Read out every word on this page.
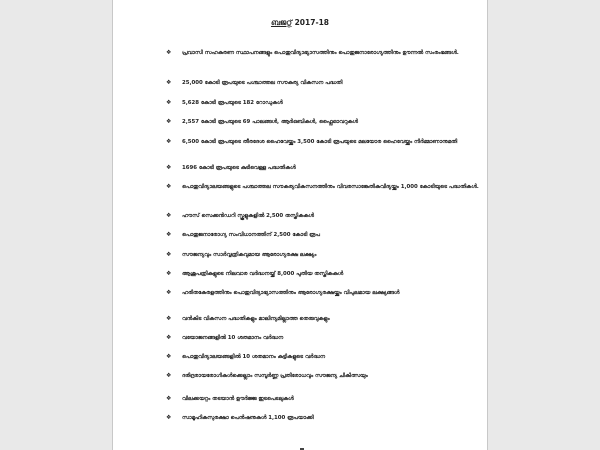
ബജറ്റ് 2017-18
❖ പ്രവാസി സഹകരണ സ്ഥാപനങ്ങളും പൊതുവിദ്യാഭ്യാസത്തിനും പൊതുജനാരോഗ്യത്തിനും ഊന്നൽ സംരംഭങ്ങൾ.
❖ 25,000 കോടി രൂപയുടെ പശ്ചാത്തല സൗകര്യ വികസന പദ്ധതി
❖ 5,628 കോടി രൂപയുടെ 182 റോഡുകൾ
❖ 2,557 കോടി രൂപയുടെ 69 പാലങ്ങൾ, ആർഒബികൾ, ഫ്ലൈഓവറുകൾ
❖ 6,500 കോടി രൂപയുടെ തീരദേശ ഹൈവേയ്ക്കും 3,500 കോടി രൂപയുടെ മലയോര ഹൈവേയ്ക്കും നിർമ്മാണാനുമതി
❖ 1696 കോടി രൂപയുടെ കുടിവെള്ള പദ്ധതികൾ
❖ പൊതുവിദ്യാലയങ്ങളുടെ പശ്ചാത്തല സൗകര്യവികസനത്തിനും വിവരസാങ്കേതികവിദ്യയ്ക്കും 1,000 കോടിയുടെ പദ്ധതികൾ.
❖ ഹൗസ് സെക്കൻഡറി സ്കൂളുകളിൽ 2,500 തസ്തികകൾ
❖ പൊതുജനാരോഗ്യ സംവിധാനത്തിന് 2,500 കോടി രൂപ
❖ സൗജന്യവും സാർവ്വത്രികവുമായ ആരോഗ്യരക്ഷ ലക്ഷ്യം
❖ ആശുപത്രികളുടെ നിലവാര വർദ്ധനയ്ക്ക് 8,000 പുതിയ തസ്തികകൾ
❖ ഹരിതകേരളത്തിനും പൊതുവിദ്യാഭ്യാസത്തിനും ആരോഗ്യരക്ഷയ്ക്കും വിപുലമായ ലക്ഷ്യങ്ങൾ
❖ വൻകിട വികസന പദ്ധതികളും മാലിന്യമില്ലാത്ത തെരുവുകളും
❖ വയോജനങ്ങളിൽ 10 ശതമാനം വർദ്ധന
❖ പൊതുവിദ്യാലയങ്ങളിൽ 10 ശതമാനം കുട്ടികളുടെ വർദ്ധന
❖ ദരിദ്രരായരോഗികൾക്കെല്ലാം സമ്പൂർണ്ണ പ്രതിരോധവും സൗജന്യ ചികിത്സയും
❖ വിലക്കയറ്റം തടയാൻ ഊർജ്ജ ഇടപെടലുകൾ
❖ സാമൂഹികസുരക്ഷാ പെൻഷനുകൾ 1,100 രൂപയാക്കി
